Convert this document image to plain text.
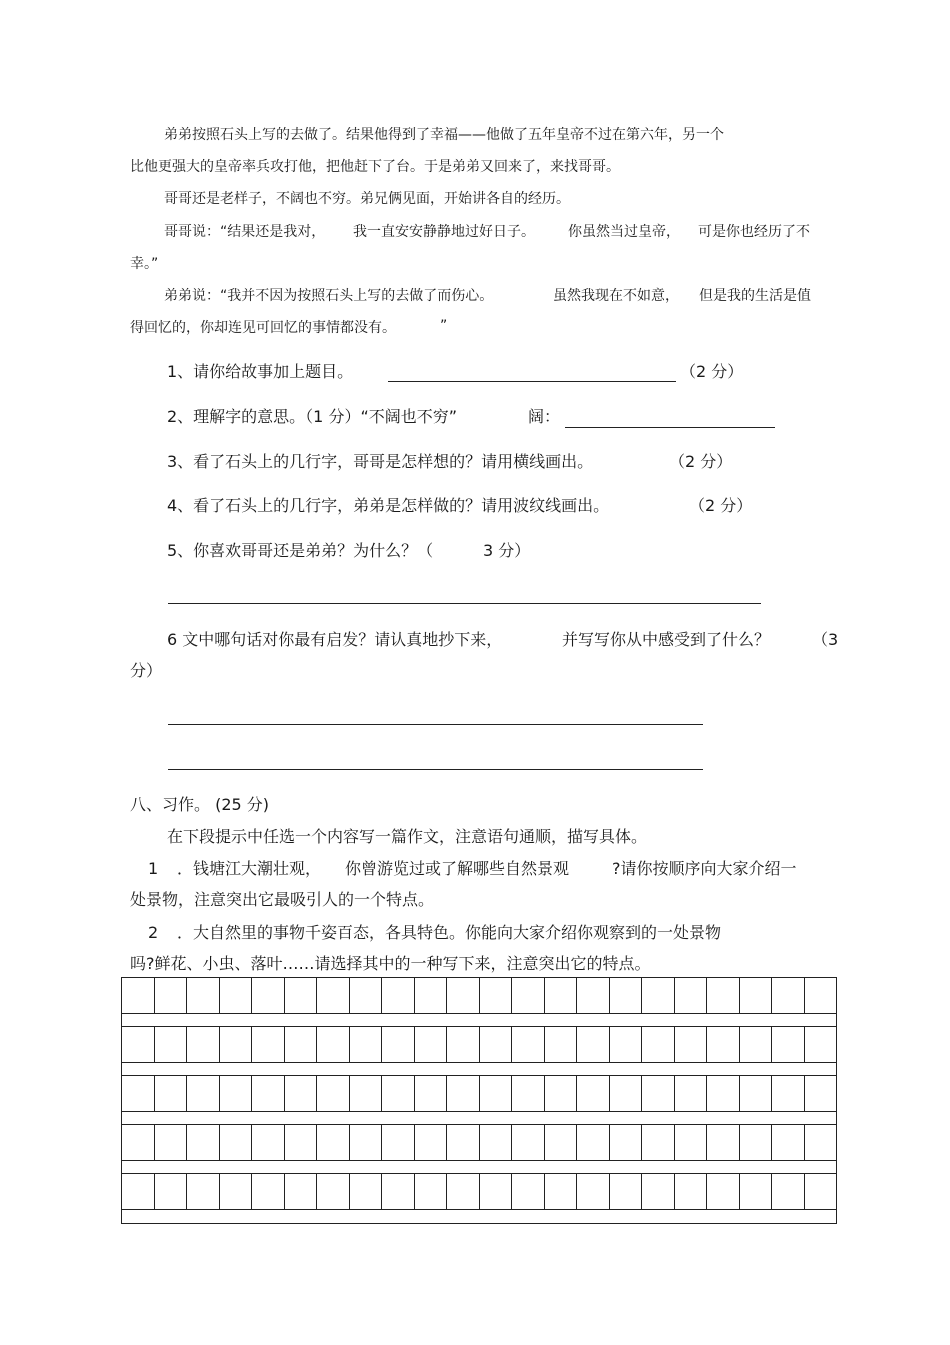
弟弟按照石头上写的去做了。结果他得到了幸福——他做了五年皇帝不过在第六年，另一个
比他更强大的皇帝率兵攻打他，把他赶下了台。于是弟弟又回来了，来找哥哥。
哥哥还是老样子，不阔也不穷。弟兄俩见面，开始讲各自的经历。
哥哥说：“结果还是我对， 我一直安安静静地过好日子。 你虽然当过皇帝， 可是你也经历了不
幸。”
弟弟说：“我并不因为按照石头上写的去做了而伤心。	虽然我现在不如意， 但是我的生活是值
得回忆的，你却连见可回忆的事情都没有。	”
1、请你给故事加上题目。	（2 分）
2、理解字的意思。（1 分）“不阔也不穷”	阔：
3、看了石头上的几行字，哥哥是怎样想的？请用横线画出。	（2 分）
4、看了石头上的几行字，弟弟是怎样做的？请用波纹线画出。	（2 分）
5、你喜欢哥哥还是弟弟？为什么？（	3 分）
6 文中哪句话对你最有启发？请认真地抄下来，	并写写你从中感受到了什么？	（3
分）
八、习作。 (25 分)
在下段提示中任选一个内容写一篇作文，注意语句通顺，描写具体。
1 ．钱塘江大潮壮观， 你曾游览过或了解哪些自然景观	?请你按顺序向大家介绍一
处景物，注意突出它最吸引人的一个特点。
2 ．大自然里的事物千姿百态，各具特色。你能向大家介绍你观察到的一处景物
吗?鲜花、小虫、落叶……请选择其中的一种写下来，注意突出它的特点。
